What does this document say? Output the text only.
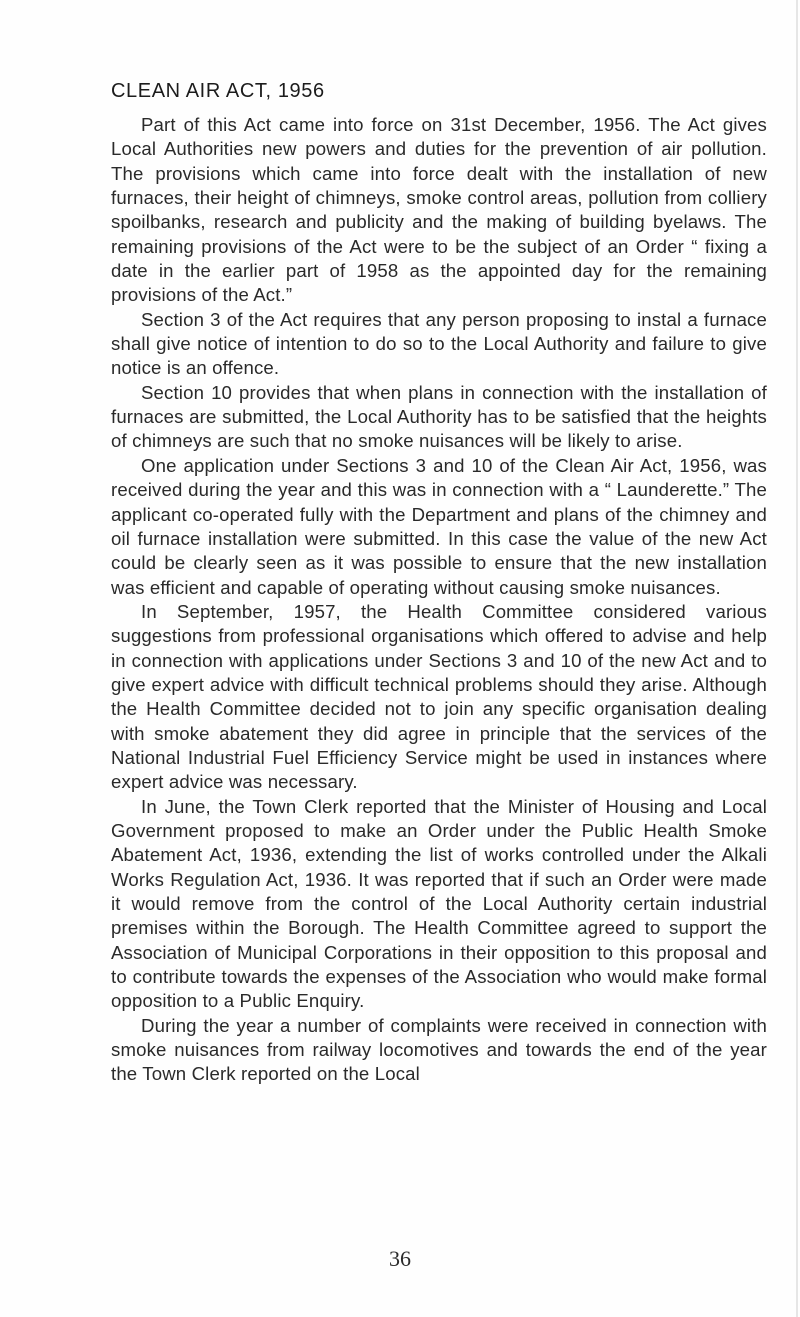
CLEAN AIR ACT, 1956

Part of this Act came into force on 31st December, 1956. The Act gives Local Authorities new powers and duties for the prevention of air pollution. The provisions which came into force dealt with the installation of new furnaces, their height of chimneys, smoke control areas, pollution from colliery spoilbanks, research and publicity and the making of building byelaws. The remaining provisions of the Act were to be the subject of an Order “ fixing a date in the earlier part of 1958 as the appointed day for the remaining provisions of the Act.”

Section 3 of the Act requires that any person proposing to instal a furnace shall give notice of intention to do so to the Local Authority and failure to give notice is an offence.

Section 10 provides that when plans in connection with the installation of furnaces are submitted, the Local Authority has to be satisfied that the heights of chimneys are such that no smoke nuisances will be likely to arise.

One application under Sections 3 and 10 of the Clean Air Act, 1956, was received during the year and this was in connection with a “ Launderette.” The applicant co-operated fully with the Department and plans of the chimney and oil furnace installation were submitted. In this case the value of the new Act could be clearly seen as it was possible to ensure that the new installation was efficient and capable of operating without causing smoke nuisances.

In September, 1957, the Health Committee considered various suggestions from professional organisations which offered to advise and help in connection with applications under Sections 3 and 10 of the new Act and to give expert advice with difficult technical problems should they arise. Although the Health Committee decided not to join any specific organisation dealing with smoke abatement they did agree in principle that the services of the National Industrial Fuel Efficiency Service might be used in instances where expert advice was necessary.

In June, the Town Clerk reported that the Minister of Housing and Local Government proposed to make an Order under the Public Health Smoke Abatement Act, 1936, extending the list of works controlled under the Alkali Works Regulation Act, 1936. It was reported that if such an Order were made it would remove from the control of the Local Authority certain industrial premises within the Borough. The Health Committee agreed to support the Association of Municipal Corporations in their opposition to this proposal and to contribute towards the expenses of the Association who would make formal opposition to a Public Enquiry.

During the year a number of complaints were received in connection with smoke nuisances from railway locomotives and towards the end of the year the Town Clerk reported on the Local

36
